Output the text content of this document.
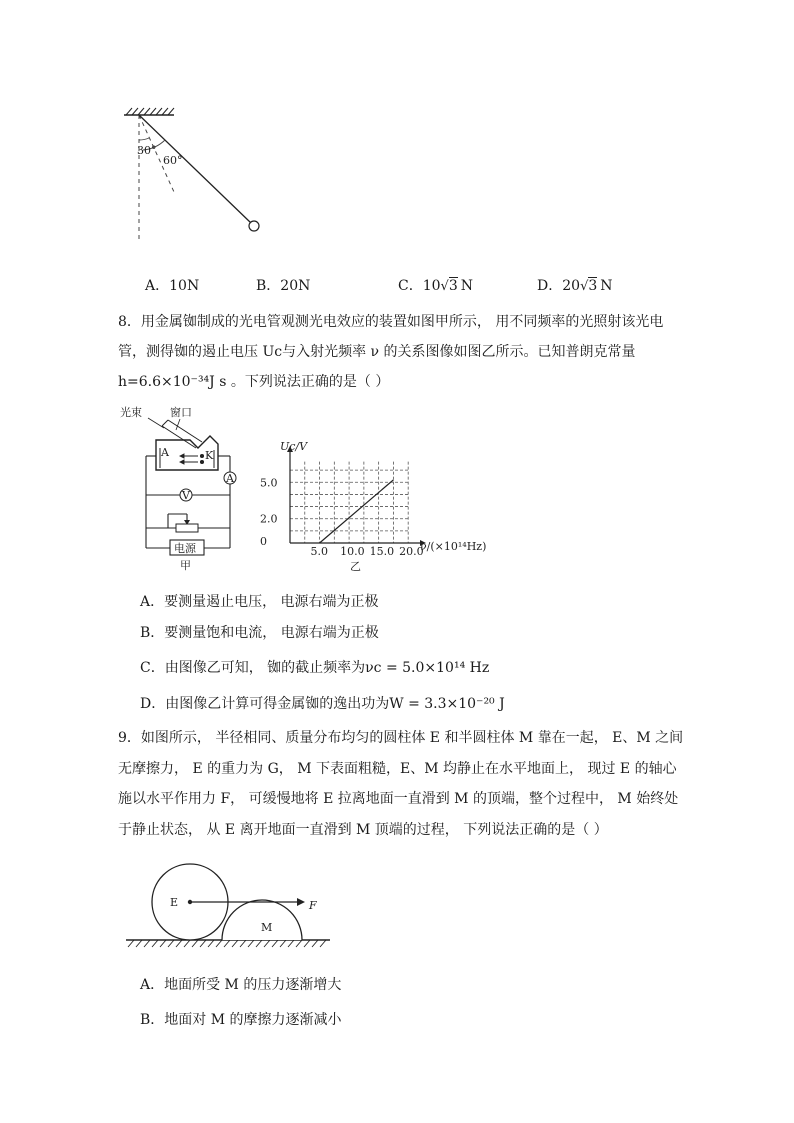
30°
60°
A．10N	B．20N	C．10√3 N	D．20√3 N
8．用金属铷制成的光电管观测光电效应的装置如图甲所示， 用不同频率的光照射该光电
管，测得铷的遏止电压 Uc与入射光频率 ν 的关系图像如图乙所示。已知普朗克常量
h=6.6×10⁻³⁴J s 。下列说法正确的是（ ）
光束	窗口
A	K
A
V
电源
甲
5.0 10.0 15.0 20.0
0
2.0
5.0
Uc/V
ν/(×10¹⁴Hz)
乙
A．要测量遏止电压， 电源右端为正极
B．要测量饱和电流， 电源右端为正极
C．由图像乙可知， 铷的截止频率为νc = 5.0×10¹⁴ Hz
D．由图像乙计算可得金属铷的逸出功为W = 3.3×10⁻²⁰ J
9．如图所示， 半径相同、质量分布均匀的圆柱体 E 和半圆柱体 M 靠在一起， E、M 之间
无摩擦力， E 的重力为 G， M 下表面粗糙，E、M 均静止在水平地面上， 现过 E 的轴心
施以水平作用力 F， 可缓慢地将 E 拉离地面一直滑到 M 的顶端，整个过程中， M 始终处
于静止状态， 从 E 离开地面一直滑到 M 顶端的过程， 下列说法正确的是（ ）
E
M
F
A．地面所受 M 的压力逐渐增大
B．地面对 M 的摩擦力逐渐减小
